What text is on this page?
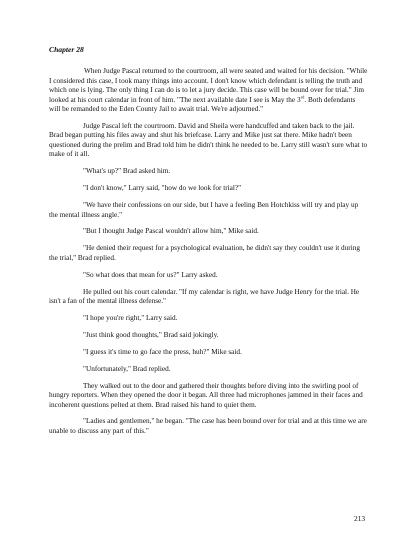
Chapter 28

When Judge Pascal returned to the courtroom, all were seated and waited for his decision. "While I considered this case, I took many things into account. I don't know which defendant is telling the truth and which one is lying. The only thing I can do is to let a jury decide. This case will be bound over for trial." Jim looked at his court calendar in front of him. "The next available date I see is May the 3rd. Both defendants will be remanded to the Eden County Jail to await trial. We're adjourned."

Judge Pascal left the courtroom. David and Sheila were handcuffed and taken back to the jail. Brad began putting his files away and shut his briefcase. Larry and Mike just sat there. Mike hadn't been questioned during the prelim and Brad told him he didn't think he needed to be. Larry still wasn't sure what to make of it all.

"What's up?" Brad asked him.

"I don't know," Larry said, "how do we look for trial?"

"We have their confessions on our side, but I have a feeling Ben Hotchkiss will try and play up the mental illness angle."

"But I thought Judge Pascal wouldn't allow him," Mike said.

"He denied their request for a psychological evaluation, he didn't say they couldn't use it during the trial," Brad replied.

"So what does that mean for us?" Larry asked.

He pulled out his court calendar. "If my calendar is right, we have Judge Henry for the trial. He isn't a fan of the mental illness defense."

"I hope you're right," Larry said.

"Just think good thoughts," Brad said jokingly.

"I guess it's time to go face the press, huh?" Mike said.

"Unfortunately," Brad replied.

They walked out to the door and gathered their thoughts before diving into the swirling pool of hungry reporters. When they opened the door it began. All three had microphones jammed in their faces and incoherent questions pelted at them. Brad raised his hand to quiet them.

"Ladies and gentlemen," he began. "The case has been bound over for trial and at this time we are unable to discuss any part of this."

213
